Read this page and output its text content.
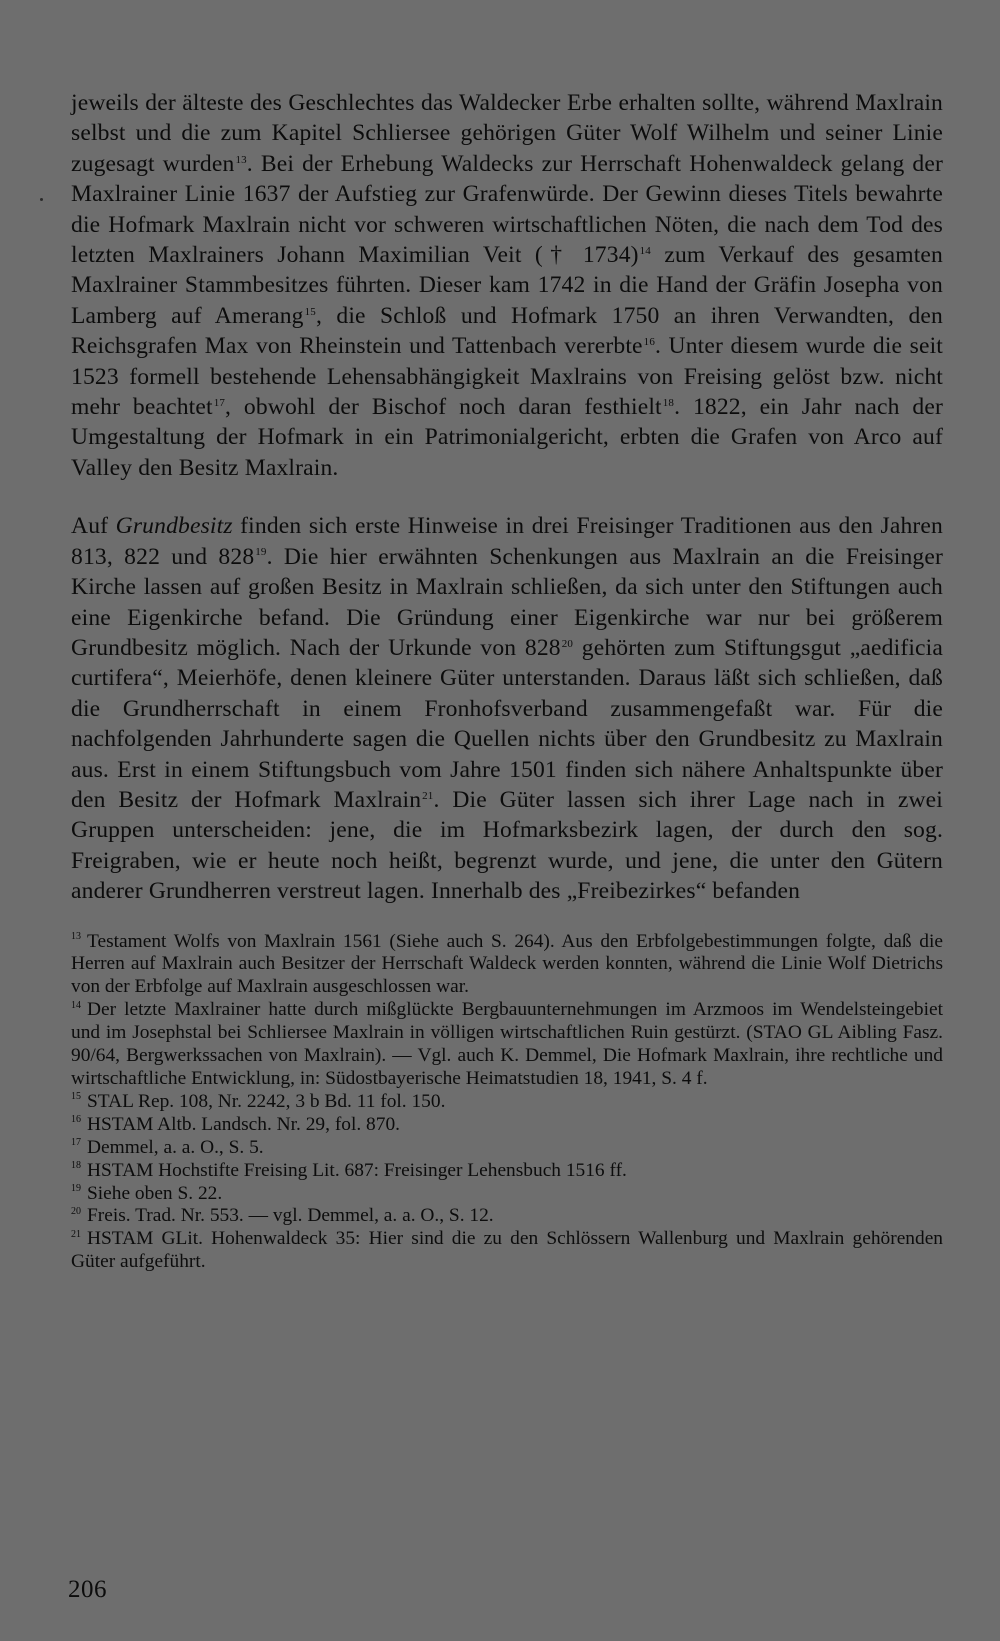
jeweils der älteste des Geschlechtes das Waldecker Erbe erhalten sollte, während Maxlrain selbst und die zum Kapitel Schliersee gehörigen Güter Wolf Wilhelm und seiner Linie zugesagt wurden$^{13}$. Bei der Erhebung Waldecks zur Herrschaft Hohenwaldeck gelang der Maxlrainer Linie 1637 der Aufstieg zur Grafenwürde. Der Gewinn dieses Titels bewahrte die Hofmark Maxlrain nicht vor schweren wirtschaftlichen Nöten, die nach dem Tod des letzten Maxlrainers Johann Maximilian Veit († 1734)$^{14}$ zum Verkauf des gesamten Maxlrainer Stammbesitzes führten. Dieser kam 1742 in die Hand der Gräfin Josepha von Lamberg auf Amerang$^{15}$, die Schloß und Hofmark 1750 an ihren Verwandten, den Reichsgrafen Max von Rheinstein und Tattenbach vererbte$^{16}$. Unter diesem wurde die seit 1523 formell bestehende Lehensabhängigkeit Maxlrains von Freising gelöst bzw. nicht mehr beachtet$^{17}$, obwohl der Bischof noch daran festhielt$^{18}$. 1822, ein Jahr nach der Umgestaltung der Hofmark in ein Patrimonialgericht, erbten die Grafen von Arco auf Valley den Besitz Maxlrain.

Auf Grundbesitz finden sich erste Hinweise in drei Freisinger Traditionen aus den Jahren 813, 822 und $828^{19}$. Die hier erwähnten Schenkungen aus Maxlrain an die Freisinger Kirche lassen auf großen Besitz in Maxlrain schließen, da sich unter den Stiftungen auch eine Eigenkirche befand. Die Gründung einer Eigenkirche war nur bei größerem Grundbesitz möglich. Nach der Urkunde von $828^{20}$ gehörten zum Stiftungsgut „aedificia curtifera“, Meierhöfe, denen kleinere Güter unterstanden. Daraus läßt sich schließen, daß die Grundherrschaft in einem Fronhofsverband zusammengefaßt war. Für die nachfolgenden Jahrhunderte sagen die Quellen nichts über den Grundbesitz zu Maxlrain aus. Erst in einem Stiftungsbuch vom Jahre 1501 finden sich nähere Anhaltspunkte über den Besitz der Hofmark Maxlrain$^{21}$. Die Güter lassen sich ihrer Lage nach in zwei Gruppen unterscheiden: jene, die im Hofmarksbezirk lagen, der durch den sog. Freigraben, wie er heute noch heißt, begrenzt wurde, und jene, die unter den Gütern anderer Grundherren verstreut lagen. Innerhalb des „Freibezirkes“ befanden

$^{13}$ Testament Wolfs von Maxlrain 1561 (Siehe auch S. 264). Aus den Erbfolgebestimmungen folgte, daß die Herren auf Maxlrain auch Besitzer der Herrschaft Waldeck werden konnten, während die Linie Wolf Dietrichs von der Erbfolge auf Maxlrain ausgeschlossen war.

$^{14}$ Der letzte Maxlrainer hatte durch mißglückte Bergbauunternehmungen im Arzmoos im Wendelsteingebiet und im Josephstal bei Schliersee Maxlrain in völligen wirtschaftlichen Ruin gestürzt. (STAO GL Aibling Fasz. 90/64, Bergwerkssachen von Maxlrain). — Vgl. auch K. Demmel, Die Hofmark Maxlrain, ihre rechtliche und wirtschaftliche Entwicklung, in: Südostbayerische Heimatstudien 18, 1941, S. 4 f.

$^{15}$ STAL Rep. 108, Nr. 2242, 3 b Bd. 11 fol. 150.

$^{16}$ HSTAM Altb. Landsch. Nr. 29, fol. 870.

$^{17}$ Demmel, a. a. O., S. 5.

$^{18}$ HSTAM Hochstifte Freising Lit. 687: Freisinger Lehensbuch 1516 ff.

$^{19}$ Siehe oben S. 22.

$^{20}$ Freis. Trad. Nr. 553. — vgl. Demmel, a. a. O., S. 12.

$^{21}$ HSTAM GLit. Hohenwaldeck 35: Hier sind die zu den Schlössern Wallenburg und Maxlrain gehörenden Güter aufgeführt.

206
